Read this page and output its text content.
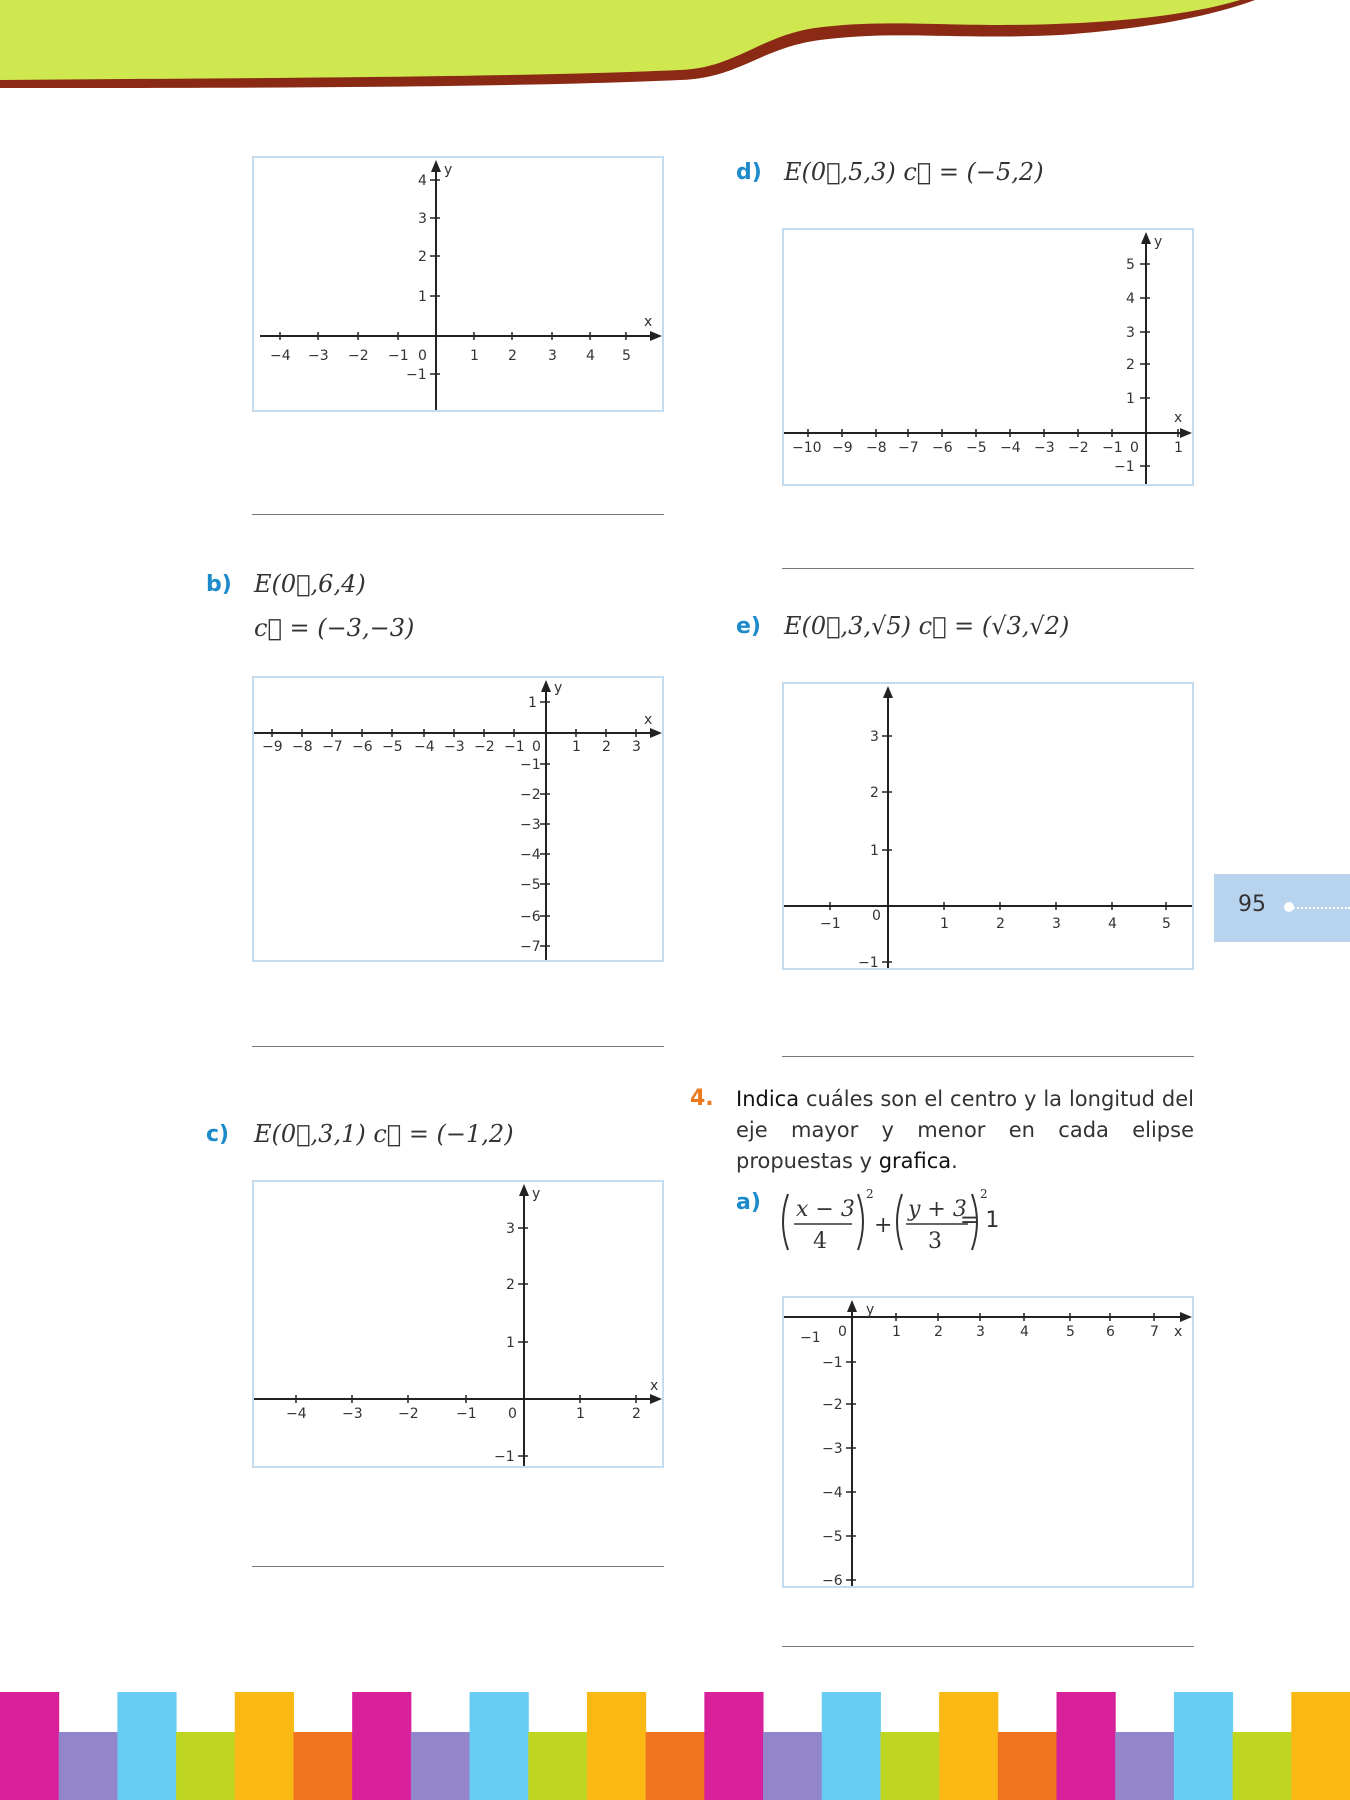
95
y
x
0
−4 −3 −2 −1	1 2 3 4 5
4
3
2
1
−1
b) E(0⃗,6,4)
c⃗ = (−3,−3)
y
x
0
−9 −8 −7 −6 −5 −4 −3 −2 −1	1 2 3
1
−1
−2
−3
−4
−5
−6
−7
c) E(0⃗,3,1) c⃗ = (−1,2)
y
x
0
−4	−3	−2	−1	1	2
3
2
1
−1
d) E(0⃗,5,3) c⃗ = (−5,2)
y
x
0
−10 −9 −8 −7 −6 −5 −4 −3 −2 −1	1
5
4
3
2
1
−1
e) E(0⃗,3,√5) c⃗ = (√3,√2)
0
−1	1	2	3	4	5
3
2
1
−1
4. Indica cuáles son el centro y la longitud del eje mayor y menor en cada elipse propuestas y grafica.
a) x − 3
4
2
+
y + 3
3
2
= 1
y
x
0
−1	1 2 3	4	5 6	7
−1
−2
−3
−4
−5
−6
